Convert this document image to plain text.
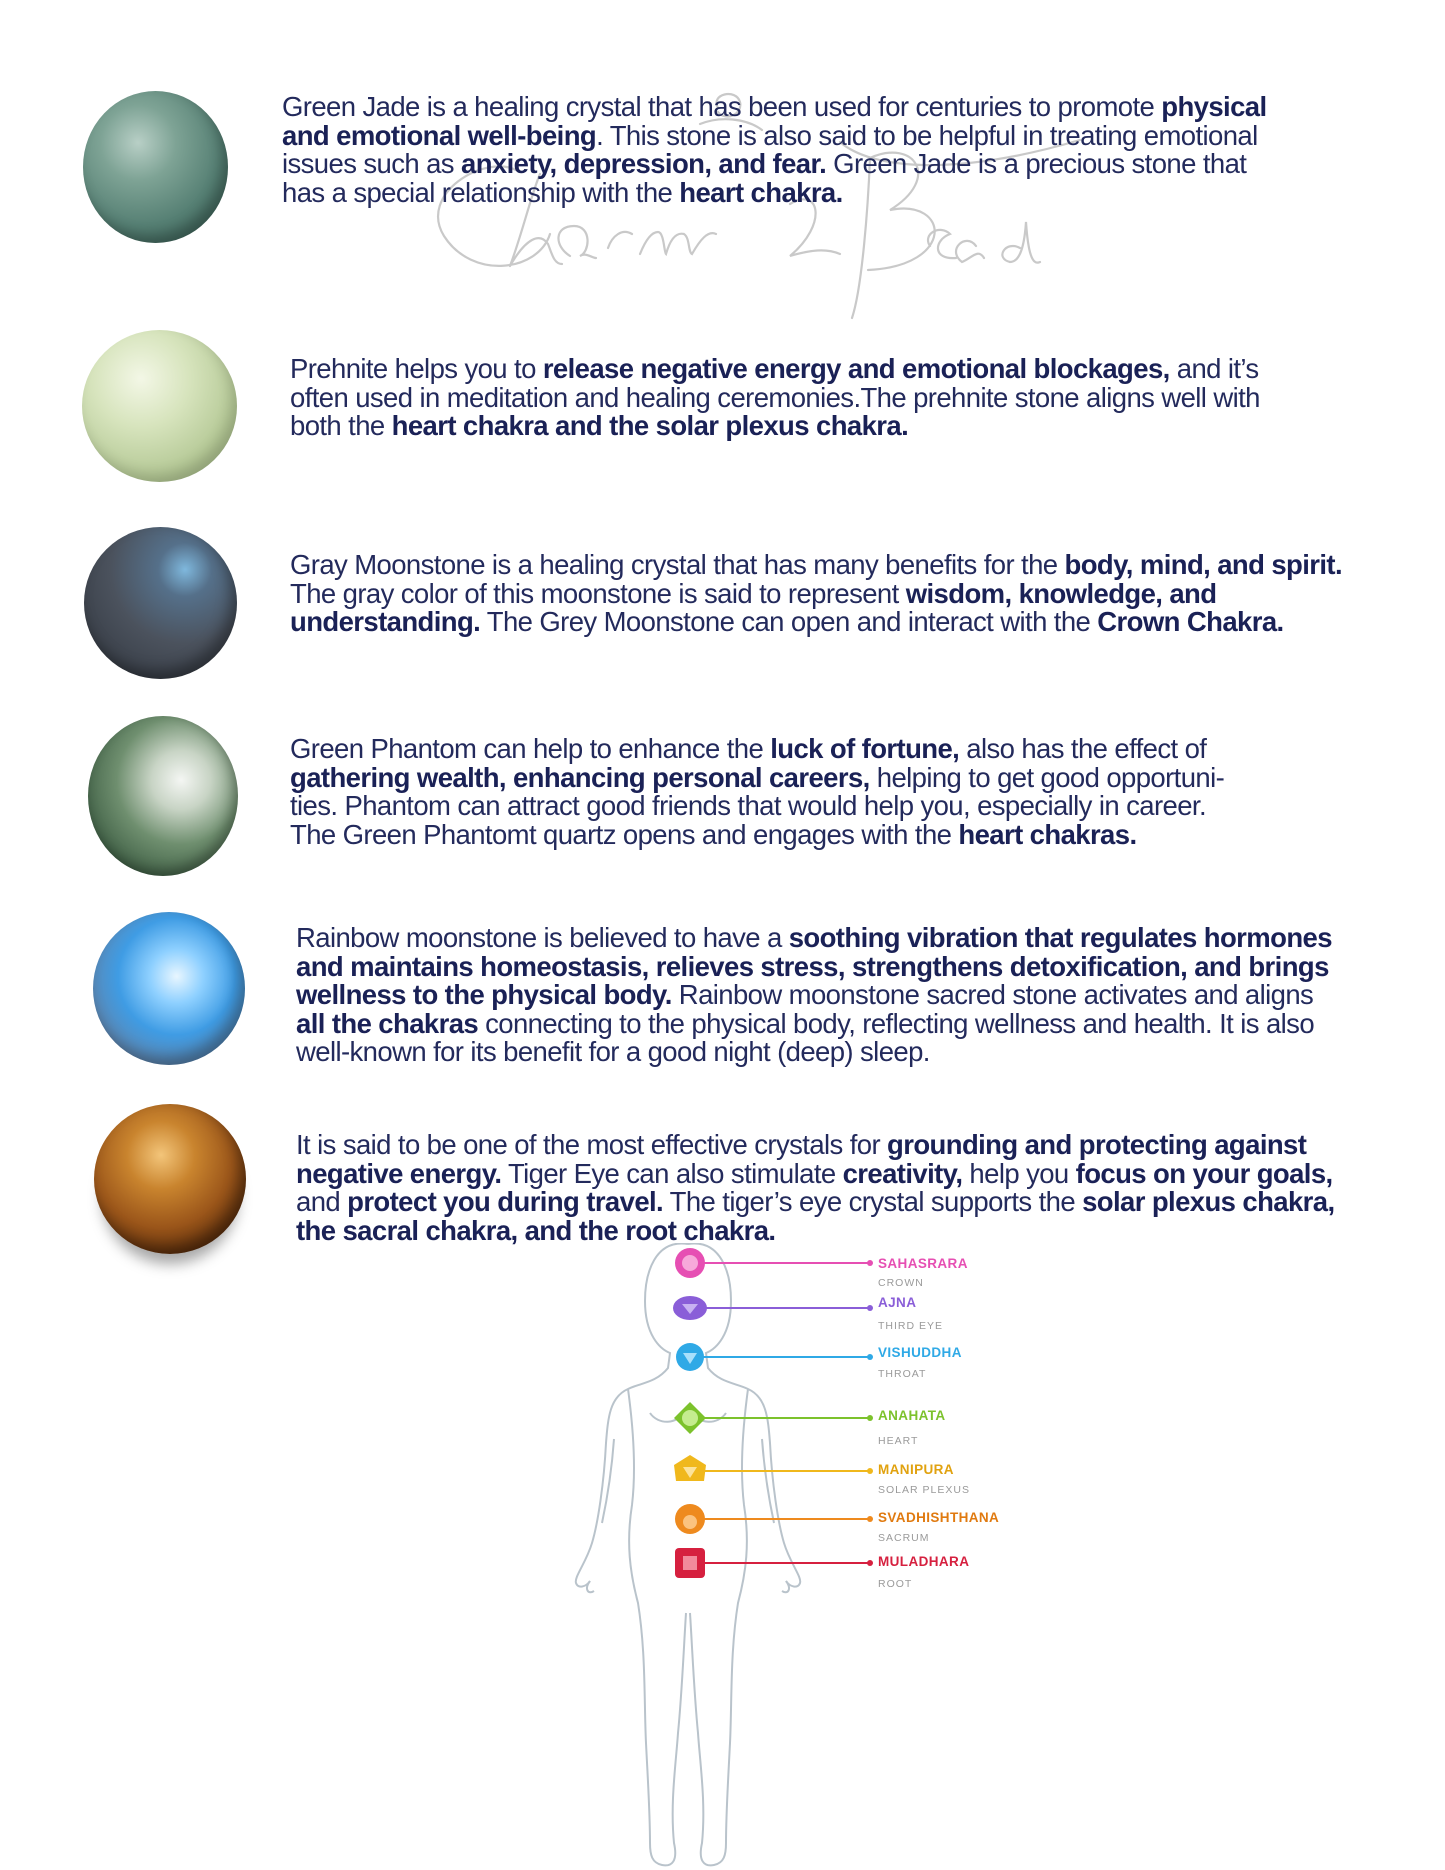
Green Jade is a healing crystal that has been used for centuries to promote physical and emotional well-being. This stone is also said to be helpful in treating emotional issues such as anxiety, depression, and fear. Green Jade is a precious stone that has a special relationship with the heart chakra.
Prehnite helps you to release negative energy and emotional blockages, and it’s often used in meditation and healing ceremonies.The prehnite stone aligns well with both the heart chakra and the solar plexus chakra.
Gray Moonstone is a healing crystal that has many benefits for the body, mind, and spirit. The gray color of this moonstone is said to represent wisdom, knowledge, and understanding. The Grey Moonstone can open and interact with the Crown Chakra.
Green Phantom can help to enhance the luck of fortune, also has the effect of gathering wealth, enhancing personal careers, helping to get good opportuni-ties. Phantom can attract good friends that would help you, especially in career. The Green Phantomt quartz opens and engages with the heart chakras.
Rainbow moonstone is believed to have a soothing vibration that regulates hormones and maintains homeostasis, relieves stress, strengthens detoxification, and brings wellness to the physical body. Rainbow moonstone sacred stone activates and aligns all the chakras connecting to the physical body, reflecting wellness and health. It is also well-known for its benefit for a good night (deep) sleep.
It is said to be one of the most effective crystals for grounding and protecting against negative energy. Tiger Eye can also stimulate creativity, help you focus on your goals, and protect you during travel. The tiger’s eye crystal supports the solar plexus chakra, the sacral chakra, and the root chakra.
SAHASRARA
CROWN
AJNA
THIRD EYE
VISHUDDHA
THROAT
ANAHATA
HEART
MANIPURA
SOLAR PLEXUS
SVADHISHTHANA
SACRUM
MULADHARA
ROOT
